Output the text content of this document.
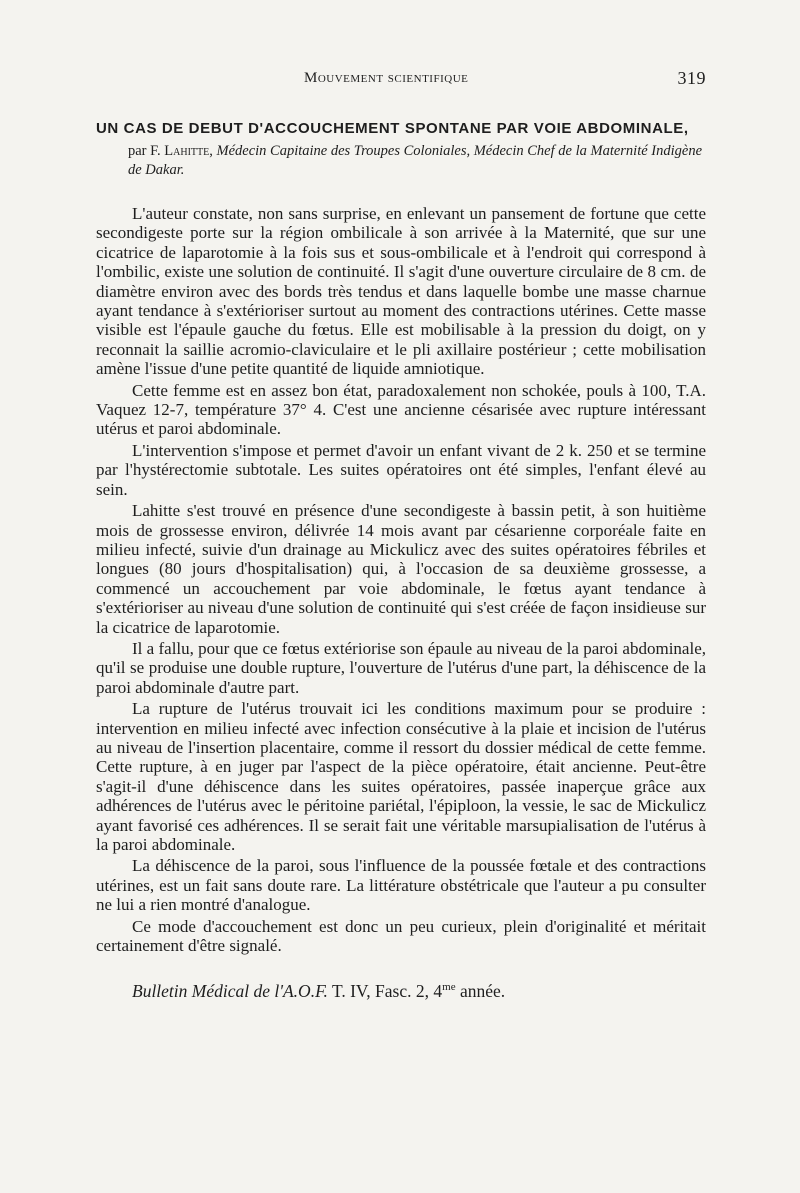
Mouvement scientifique	319
UN CAS DE DEBUT D'ACCOUCHEMENT SPONTANE PAR VOIE ABDOMINALE,
par F. Lahitte, Médecin Capitaine des Troupes Coloniales, Médecin Chef de la Maternité Indigène de Dakar.

L'auteur constate, non sans surprise, en enlevant un pansement de fortune que cette secondigeste porte sur la région ombilicale à son arrivée à la Maternité, que sur une cicatrice de laparotomie à la fois sus et sous-ombilicale et à l'endroit qui correspond à l'ombilic, existe une solution de continuité. Il s'agit d'une ouverture circulaire de 8 cm. de diamètre environ avec des bords très tendus et dans laquelle bombe une masse charnue ayant tendance à s'extérioriser surtout au moment des contractions utérines. Cette masse visible est l'épaule gauche du fœtus. Elle est mobilisable à la pression du doigt, on y reconnait la saillie acromio-claviculaire et le pli axillaire postérieur ; cette mobilisation amène l'issue d'une petite quantité de liquide amniotique.

Cette femme est en assez bon état, paradoxalement non schokée, pouls à 100, T.A. Vaquez 12-7, température 37° 4. C'est une ancienne césarisée avec rupture intéressant utérus et paroi abdominale.

L'intervention s'impose et permet d'avoir un enfant vivant de 2 k. 250 et se termine par l'hystérectomie subtotale. Les suites opératoires ont été simples, l'enfant élevé au sein.

Lahitte s'est trouvé en présence d'une secondigeste à bassin petit, à son huitième mois de grossesse environ, délivrée 14 mois avant par césarienne corporéale faite en milieu infecté, suivie d'un drainage au Mickulicz avec des suites opératoires fébriles et longues (80 jours d'hospitalisation) qui, à l'occasion de sa deuxième grossesse, a commencé un accouchement par voie abdominale, le fœtus ayant tendance à s'extérioriser au niveau d'une solution de continuité qui s'est créée de façon insidieuse sur la cicatrice de laparotomie.

Il a fallu, pour que ce fœtus extériorise son épaule au niveau de la paroi abdominale, qu'il se produise une double rupture, l'ouverture de l'utérus d'une part, la déhiscence de la paroi abdominale d'autre part.

La rupture de l'utérus trouvait ici les conditions maximum pour se produire : intervention en milieu infecté avec infection consécutive à la plaie et incision de l'utérus au niveau de l'insertion placentaire, comme il ressort du dossier médical de cette femme. Cette rupture, à en juger par l'aspect de la pièce opératoire, était ancienne. Peut-être s'agit-il d'une déhiscence dans les suites opératoires, passée inaperçue grâce aux adhérences de l'utérus avec le péritoine pariétal, l'épiploon, la vessie, le sac de Mickulicz ayant favorisé ces adhérences. Il se serait fait une véritable marsupialisation de l'utérus à la paroi abdominale.

La déhiscence de la paroi, sous l'influence de la poussée fœtale et des contractions utérines, est un fait sans doute rare. La littérature obstétricale que l'auteur a pu consulter ne lui a rien montré d'analogue.

Ce mode d'accouchement est donc un peu curieux, plein d'originalité et méritait certainement d'être signalé.

Bulletin Médical de l'A.O.F. T. IV, Fasc. 2, $4^{me}$ année.
